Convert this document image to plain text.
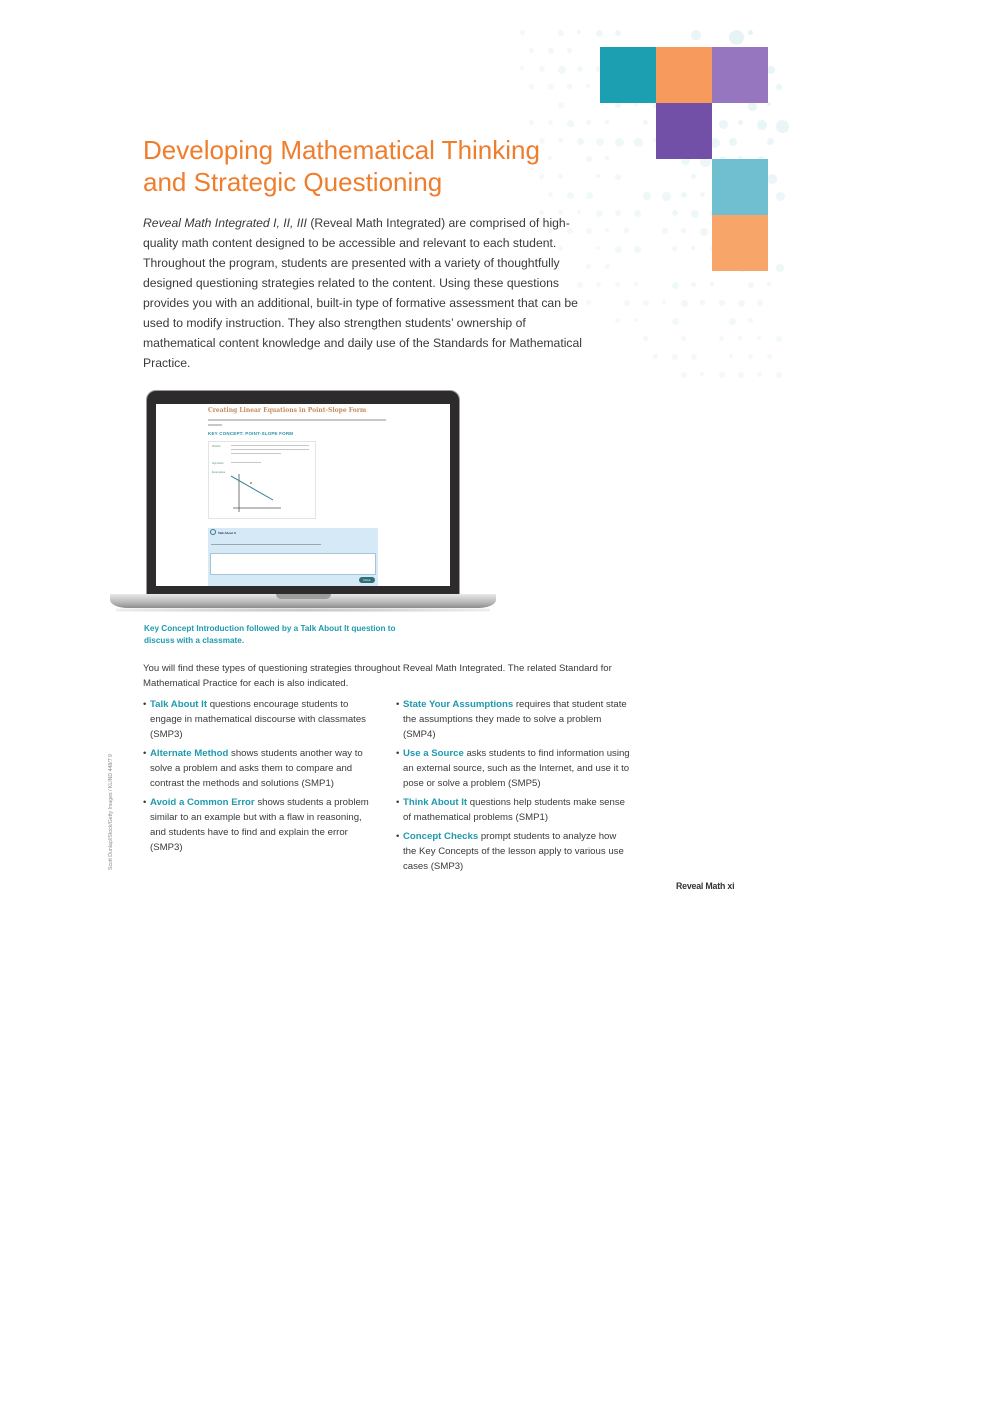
Developing Mathematical Thinking
and Strategic Questioning

Reveal Math Integrated I, II, III (Reveal Math Integrated) are comprised of high-quality math content designed to be accessible and relevant to each student. Throughout the program, students are presented with a variety of thoughtfully designed questioning strategies related to the content. Using these questions provides you with an additional, built-in type of formative assessment that can be used to modify instruction. They also strengthen students’ ownership of mathematical content knowledge and daily use of the Standards for Mathematical Practice.

Creating Linear Equations in Point-Slope Form
KEY CONCEPT: POINT-SLOPE FORM
Words
Symbols
Examples
Talk About It
Done

Key Concept Introduction followed by a Talk About It question to discuss with a classmate.

You will find these types of questioning strategies throughout Reveal Math Integrated. The related Standard for Mathematical Practice for each is also indicated.

• Talk About It questions encourage students to engage in mathematical discourse with classmates (SMP3)
• Alternate Method shows students another way to solve a problem and asks them to compare and contrast the methods and solutions (SMP1)
• Avoid a Common Error shows students a problem similar to an example but with a flaw in reasoning, and students have to find and explain the error (SMP3)
• State Your Assumptions requires that student state the assumptions they made to solve a problem (SMP4)
• Use a Source asks students to find information using an external source, such as the Internet, and use it to pose or solve a problem (SMP5)
• Think About It questions help students make sense of mathematical problems (SMP1)
• Concept Checks prompt students to analyze how the Key Concepts of the lesson apply to various use cases (SMP3)
Scott Dunlap/iStock/Getty Images / KLIND 448/7 9
Reveal Math xi
